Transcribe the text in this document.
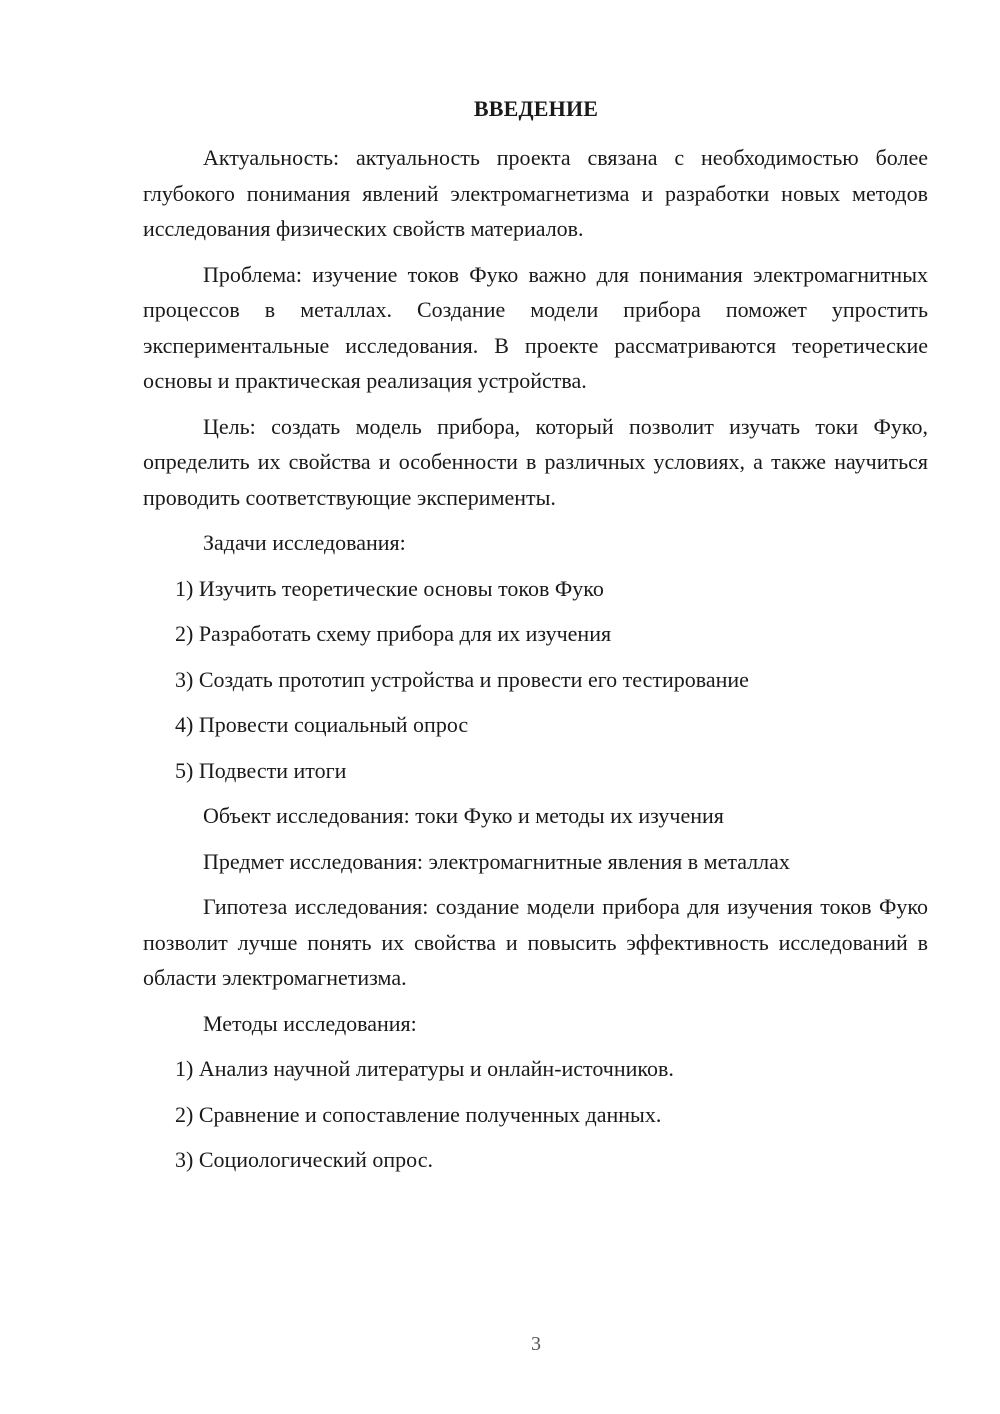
ВВЕДЕНИЕ

Актуальность: актуальность проекта связана с необходимостью более глубокого понимания явлений электромагнетизма и разработки новых методов исследования физических свойств материалов.

Проблема: изучение токов Фуко важно для понимания электромагнитных процессов в металлах. Создание модели прибора поможет упростить экспериментальные исследования. В проекте рассматриваются теоретические основы и практическая реализация устройства.

Цель: создать модель прибора, который позволит изучать токи Фуко, определить их свойства и особенности в различных условиях, а также научиться проводить соответствующие эксперименты.

Задачи исследования:

1) Изучить теоретические основы токов Фуко

2) Разработать схему прибора для их изучения

3) Создать прототип устройства и провести его тестирование

4) Провести социальный опрос

5) Подвести итоги

Объект исследования: токи Фуко и методы их изучения

Предмет исследования: электромагнитные явления в металлах

Гипотеза исследования: создание модели прибора для изучения токов Фуко позволит лучше понять их свойства и повысить эффективность исследований в области электромагнетизма.

Методы исследования:

1) Анализ научной литературы и онлайн-источников.

2) Сравнение и сопоставление полученных данных.

3) Социологический опрос.

3
